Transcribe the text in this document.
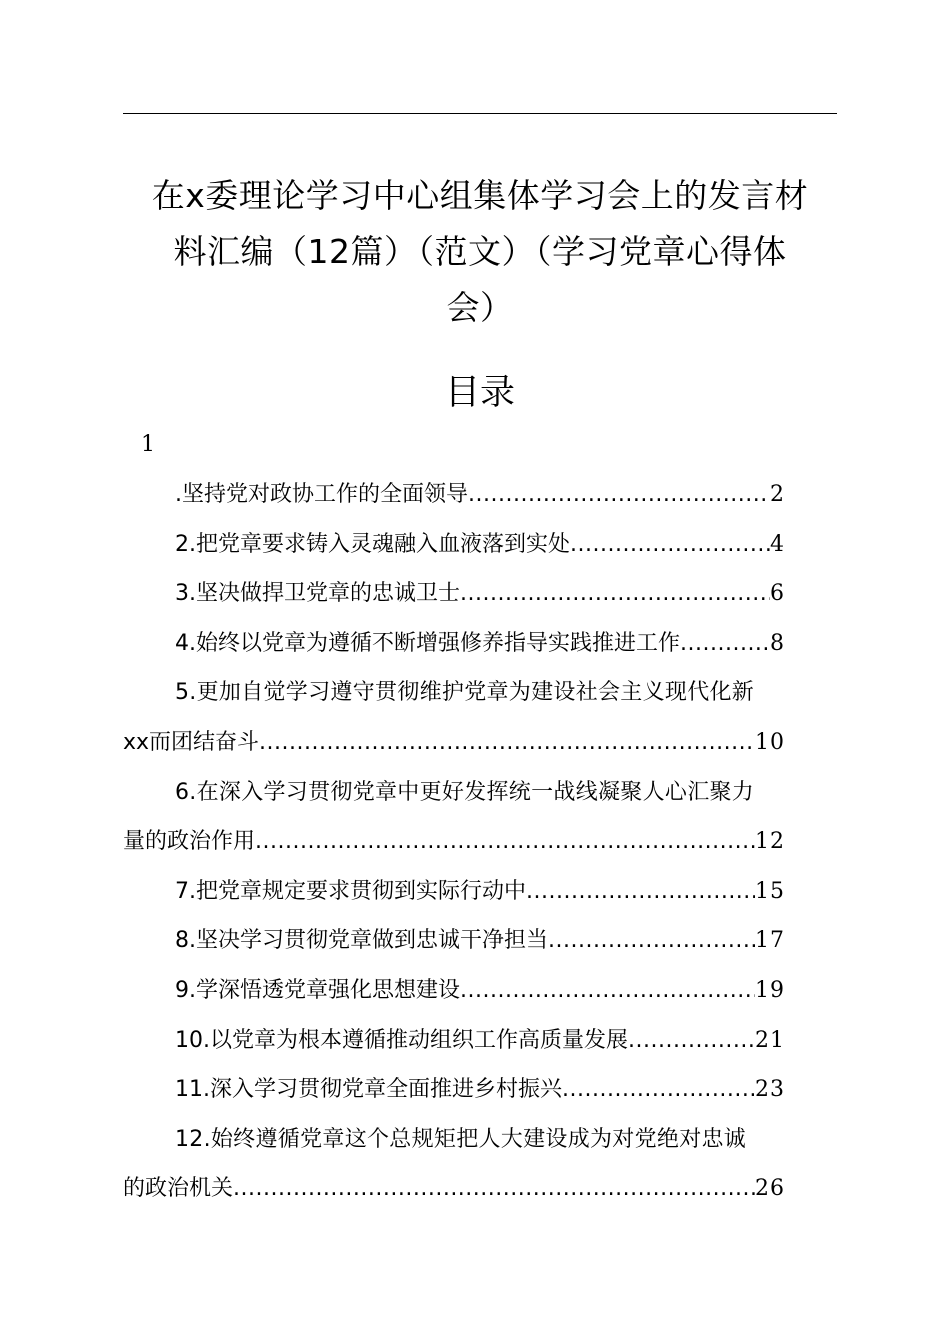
在x委理论学习中心组集体学习会上的发言材
料汇编（12篇）（范文）（学习党章心得体
会）
目录
1
.坚持党对政协工作的全面领导 .....	2
2.把党章要求铸入灵魂融入血液落到实处 .....	4
3.坚决做捍卫党章的忠诚卫士 .....	6
4.始终以党章为遵循不断增强修养指导实践推进工作 .....	8
5.更加自觉学习遵守贯彻维护党章为建设社会主义现代化新
xx而团结奋斗 .....	10
6.在深入学习贯彻党章中更好发挥统一战线凝聚人心汇聚力
量的政治作用 .....	12
7.把党章规定要求贯彻到实际行动中 .....	15
8.坚决学习贯彻党章做到忠诚干净担当 .....	17
9.学深悟透党章强化思想建设 .....	19
10.以党章为根本遵循推动组织工作高质量发展 .....	21
11.深入学习贯彻党章全面推进乡村振兴 .....	23
12.始终遵循党章这个总规矩把人大建设成为对党绝对忠诚
的政治机关 .....	26
